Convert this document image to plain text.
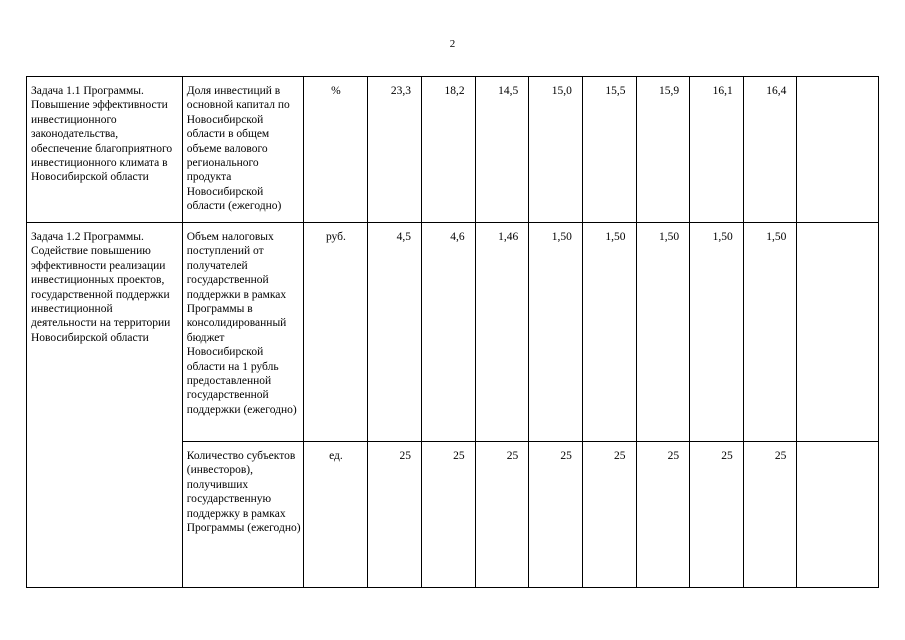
2
Задача 1.1 Программы. Повышение эффективности инвестиционного законодательства, обеспечение благоприятного инвестиционного климата в Новосибирской области	Доля инвестиций в основной капитал по Новосибирской области в общем объеме валового регионального продукта Новосибирской области (ежегодно)	%	23,3	18,2	14,5	15,0	15,5	15,9	16,1	16,4	

Задача 1.2 Программы. Содействие повышению эффективности реализации инвестиционных проектов, государственной поддержки инвестиционной деятельности на территории Новосибирской области	Объем налоговых поступлений от получателей государственной поддержки в рамках Программы в консолидированный бюджет Новосибирской области на 1 рубль предоставленной государственной поддержки (ежегодно)	руб.	4,5	4,6	1,46	1,50	1,50	1,50	1,50	1,50	

	Количество субъектов (инвесторов), получивших государственную поддержку в рамках Программы (ежегодно)	ед.	25	25	25	25	25	25	25	25	
